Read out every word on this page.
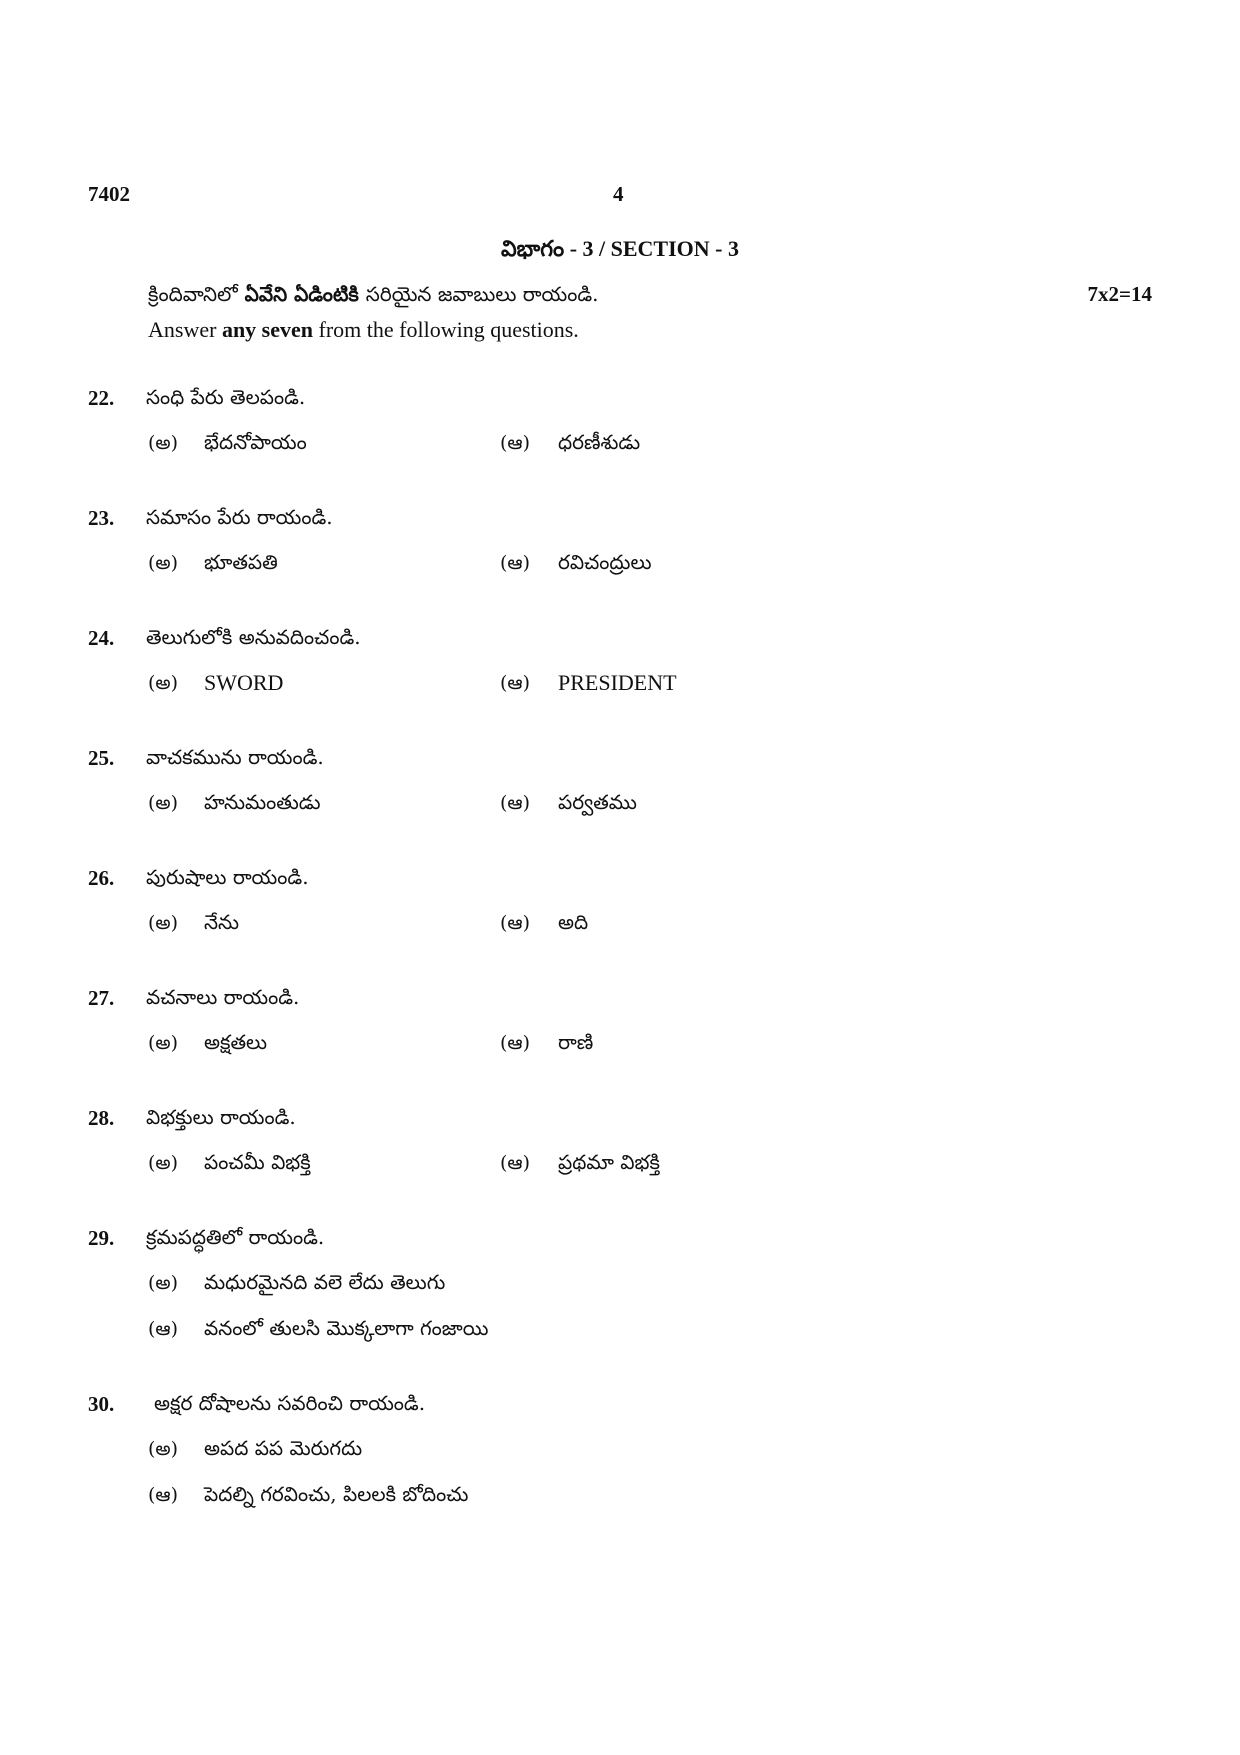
7402	4
విభాగం - 3 / SECTION - 3
క్రిందివానిలో ఏవేని ఏడింటికి సరియైన జవాబులు రాయండి.	7x2=14
Answer any seven from the following questions.
22. సంధి పేరు తెలపండి.
(అ) భేదనోపాయం	(ఆ) ధరణీశుడు
23. సమాసం పేరు రాయండి.
(అ) భూతపతి	(ఆ) రవిచంద్రులు
24. తెలుగులోకి అనువదించండి.
(అ) SWORD	(ఆ) PRESIDENT
25. వాచకమును రాయండి.
(అ) హనుమంతుడు	(ఆ) పర్వతము
26. పురుషాలు రాయండి.
(అ) నేను	(ఆ) అది
27. వచనాలు రాయండి.
(అ) అక్షతలు	(ఆ) రాణి
28. విభక్తులు రాయండి.
(అ) పంచమీ విభక్తి	(ఆ) ప్రథమా విభక్తి
29. క్రమపద్ధతిలో రాయండి.
(అ) మధురమైనది వలె లేదు తెలుగు
(ఆ) వనంలో తులసి మొక్కలాగా గంజాయి
30. అక్షర దోషాలను సవరించి రాయండి.
(అ) అపద పప మెరుగదు
(ఆ) పెదల్ని గరవించు, పిలలకి బోదించు
